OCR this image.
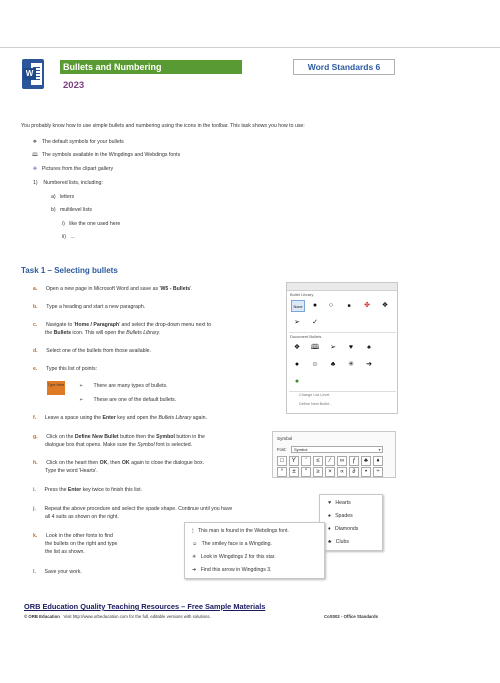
W
Bullets and Numbering
2023
Word Standards 6
You probably know how to use simple bullets and numbering using the icons in the toolbar. This task shows you how to use:
❖ The default symbols for your bullets
🕮 The symbols available in the Wingdings and Webdings fonts
✥ Pictures from the clipart gallery
1) Numbered lists, including:
a) letters
b) multilevel lists
i) like the one used here
ii) ...
Task 1 – Selecting bullets
a. Open a new page in Microsoft Word and save as 'W5 - Bullets'.
b. Type a heading and start a new paragraph.
c. Navigate to 'Home / Paragraph' and select the drop-down menu next to
the Bullets icon. This will open the Bullets Library.
d. Select one of the bullets from those available.
e. Type this list of points:
Type Here	➢ There are many types of bullets.
➢ These are one of the default bullets.
f. Leave a space using the Enter key and open the Bullets Library again.
g. Click on the Define New Bullet button then the Symbol button in the
dialogue box that opens. Make sure the Symbol font is selected.
h. Click on the heart then OK, then OK again to close the dialogue box.
Type the word 'Hearts'.
i. Press the Enter key twice to finish this list.
j. Repeat the above procedure and select the spade shape. Continue until you have
all 4 suits as shown on the right.
k. Look in the other fonts to find
the bullets on the right and type
the list as shown.
l. Save your work.
Bullet Library
None	●	○	■	✤	❖
➢	✓
Document Bullets
❖	🕮	➢	♥	♠
●	☺	♣	✳	➔
●
Change List Level
Define New Bullet...
Symbol
Font:	Symbol	▾
□	ϒ	′	≤	⁄	∞	ƒ	♣	♦
°	±	″	≥	×	∝	∂	•	÷
♥ Hearts
♠ Spades
♦ Diamonds
♣ Clubs
🕯 This man is found in the Webdings font.
☺ The smiley face is a Wingding.
✳ Look in Wingdings 2 for this star.
➔ Find this arrow in Wingdings 3.
ORB Education Quality Teaching Resources – Free Sample Materials
© ORB Education Visit http://www.orbeducation.com for the full, editable versions with solutions.	CoS002 - Office Standards
